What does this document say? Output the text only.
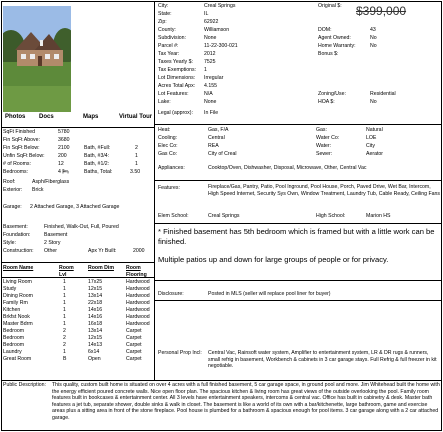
Photos Docs	Maps	Virtual Tour
City:	Creal Springs
State:	IL
Zip:	62922
County:	Williamson
Subdivision:	None
Parcel #:	11-22-300-021
Tax Year:	2012
Taxes Yearly $: 7525
Tax Exemptions: 1
Lot Dimensions: Irregular
Acres Total Apx: 4.155
Lot Features:	N/A
Lake:	None
Legal (approx): In File
Original $: $399,000
DOM:	43
Agent Owned:	No
Home Warranty:	No
Bonus $:
Zoning/Use:	Residential
HOA $:	No
SqFt Finished	5780
Fin SqFt Above:	3680
Fin SqFt Below:	2100
Unfin SqFt Below:	200
# of Rooms:	12
Bedrooms:	4 🛏
Roof:	Asph/Fiberglass
Exterior: Brick
Bath, #Full:	2
Bath, #3/4:	1
Bath, #1/2:	1
Baths, Total:	3.50
Garage: 2 Attached Garage, 3 Attached Garage
Basement:	Finished, Walk-Out, Full, Poured
Foundation:	Basement
Style:	2 Story
Construction: Other	Apx Yr Built:	2000
Room Name	Room Lvl
Room Dim Room Flooring
Living Room	1	17x25	Hardwood
Study	1	12x15	Hardwood
Dining Room	1	13x14	Hardwood
Family Rm	1	22x18	Hardwood
Kitchen	1	14x16	Hardwood
Brkfst Nook	1	14x16	Hardwood
Master Bdrm	1	16x18	Hardwood
Bedroom	2	13x14	Carpet
Bedroom	2	12x15	Carpet
Bedroom	2	14x13	Carpet
Laundry	1	6x14	Carpet
Great Room	B	Open	Carpet
Heat:	Gas, F/A
Cooling:	Central
Elec Co:	REA
Gas Co:	City of Creal
Gas:	Natural
Water Co:	LOE
Water:	City
Sewer:	Aerator
Appliances:	Cooktop/Oven, Dishwasher, Disposal, Microwave, Other, Central Vac
Features:	Fireplace/Gas, Pantry, Patio, Pool Inground, Pool House, Porch, Paved Drive, Wet Bar, Intercom, High Speed Internet, Security Sys Own, Window Treatment, Laundry Tub, Cable Ready, Ceiling Fans
Elem School:	Creal Springs	High School:	Marion HS
* Finished basement has 5th bedroom which is framed but with a little work can be finished.
Multiple patios up and down for large groups of people or for privacy.
Disclosure:	Posted in MLS (seller will replace pool liner for buyer)
Personal Prop Incl: Central Vac, Rainsoft water system, Amplifier to entertainment system, LR & DR rugs & runners, small refrig in basement, Workbench & cabinets in 3 car garage stays. Full Refrig & full freezer in kit negotiable.
Public Description: This quality, custom built home is situated on over 4 acres with a full finished basement, 5 car garage space, in ground pool and more. Jim Whitehead built the home with the energy efficient poured concrete walls. Nice open floor plan. The spacious kitchen & living room has great views of the outside overlooking the pool. Family room features built in bookcases & entertainment center. All 3 levels have entertainment speakers, intercoms & central vac. Office has built in cabinetry & desk. Master bath features a jet tub, separate shower, double sinks & walk in closet. The basement is like a world of its own with a bar/kitchenette, large bathroom, game and exercise areas plus a sitting area in front of the stone fireplace. Pool house is plumbed for a bathroom & spacious enough for pool items. 3 car garage along with a 2 car attached garage.
